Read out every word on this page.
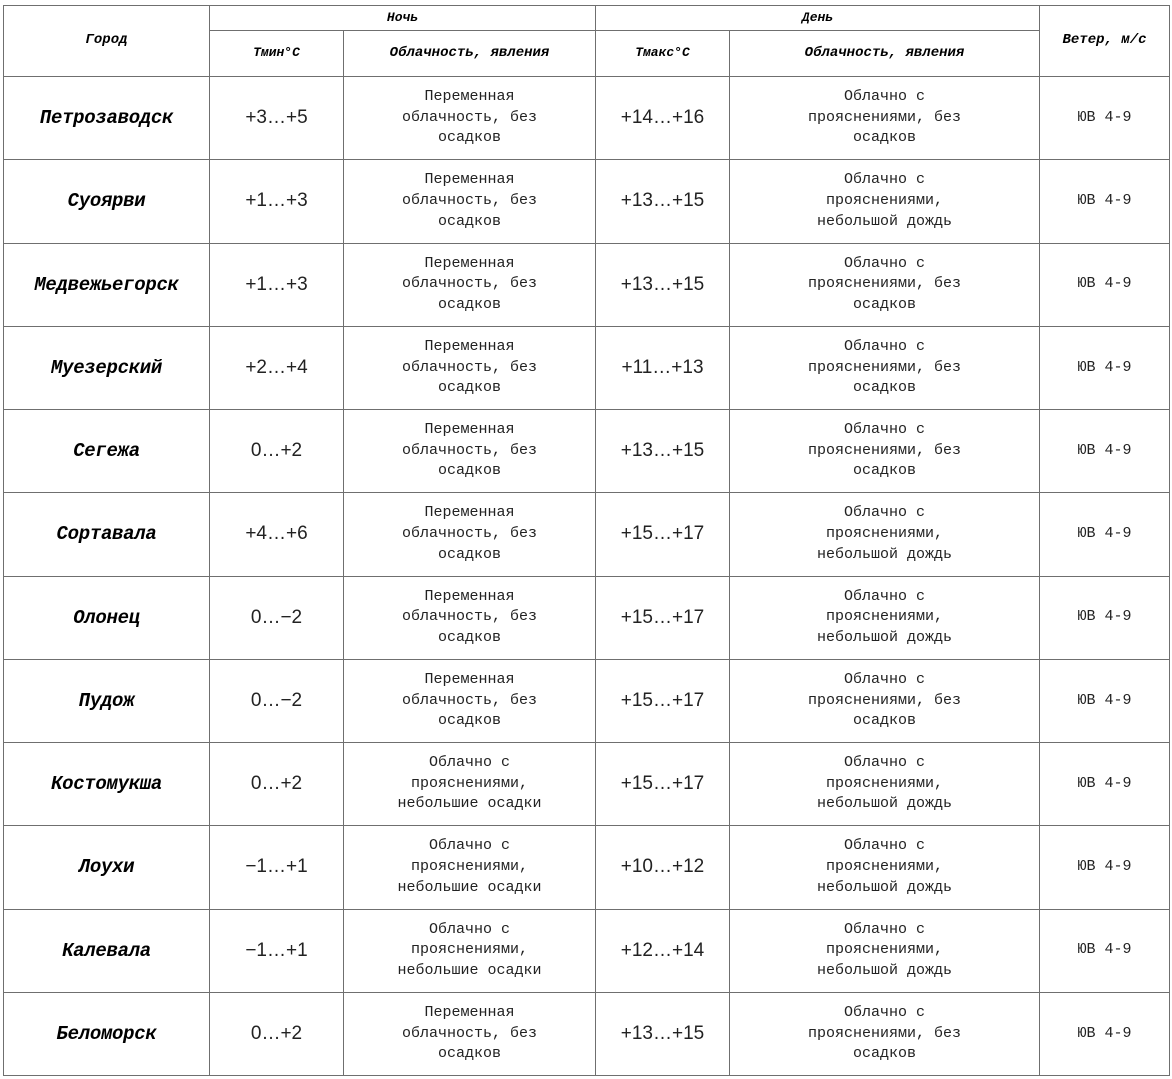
Город	Ночь		День		Ветер, м/с
	Тмин°С	Облачность, явления	Тмакс°С	Облачность, явления	
Петрозаводск	+3…+5	Переменная
облачность, без
осадков	+14…+16	Облачно с
прояснениями, без
осадков	ЮВ 4-9
Суоярви	+1…+3	Переменная
облачность, без
осадков	+13…+15	Облачно с
прояснениями,
небольшой дождь	ЮВ 4-9
Медвежьегорск	+1…+3	Переменная
облачность, без
осадков	+13…+15	Облачно с
прояснениями, без
осадков	ЮВ 4-9
Муезерский	+2…+4	Переменная
облачность, без
осадков	+11…+13	Облачно с
прояснениями, без
осадков	ЮВ 4-9
Сегежа	0…+2	Переменная
облачность, без
осадков	+13…+15	Облачно с
прояснениями, без
осадков	ЮВ 4-9
Сортавала	+4…+6	Переменная
облачность, без
осадков	+15…+17	Облачно с
прояснениями,
небольшой дождь	ЮВ 4-9
Олонец	0…−2	Переменная
облачность, без
осадков	+15…+17	Облачно с
прояснениями,
небольшой дождь	ЮВ 4-9
Пудож	0…−2	Переменная
облачность, без
осадков	+15…+17	Облачно с
прояснениями, без
осадков	ЮВ 4-9
Костомукша	0…+2	Облачно с
прояснениями,
небольшие осадки	+15…+17	Облачно с
прояснениями,
небольшой дождь	ЮВ 4-9
Лоухи	−1…+1	Облачно с
прояснениями,
небольшие осадки	+10…+12	Облачно с
прояснениями,
небольшой дождь	ЮВ 4-9
Калевала	−1…+1	Облачно с
прояснениями,
небольшие осадки	+12…+14	Облачно с
прояснениями,
небольшой дождь	ЮВ 4-9
Беломорск	0…+2	Переменная
облачность, без
осадков	+13…+15	Облачно с
прояснениями, без
осадков	ЮВ 4-9
